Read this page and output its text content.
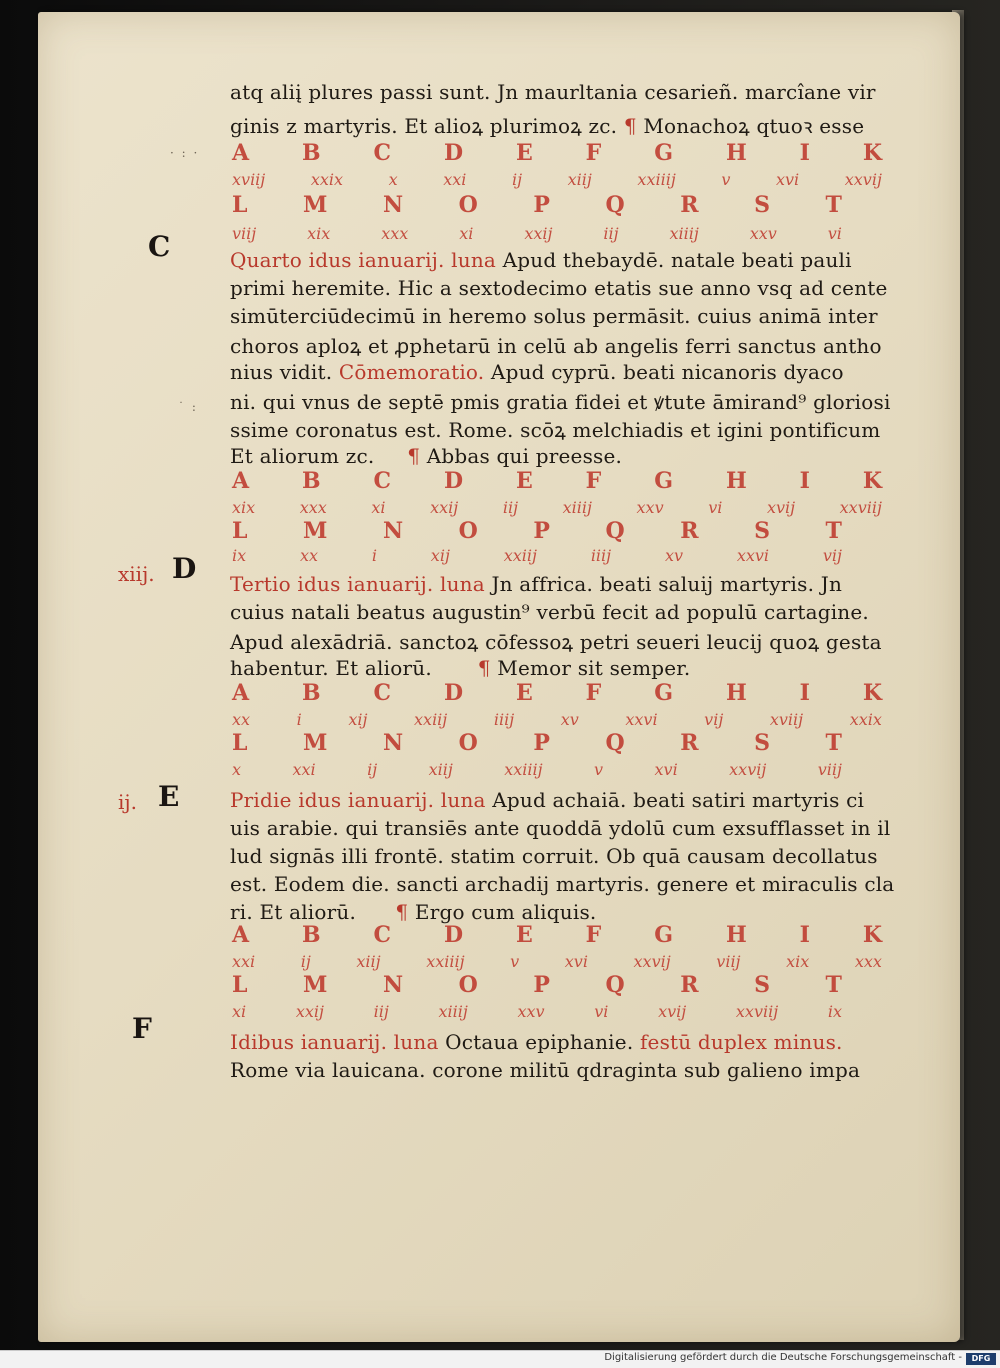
atq aliį plures passi sunt. Jn maurltania cesarieñ. marcîane vir
ginis z martyris. Et alioꝝ plurimoꝝ zc. ¶ Monachoꝝ qtuoꝛ esse
· : · A B C D E F G H I K
xviij	xxix	x	xxi	ij	xiij	xxiiij	v	xvi	xxvij
L	M	N	O	P	Q	R	S	T
viij	xix	xxx	xi	xxij	iij	xiiij	xxv	vi
C	Quarto idus ianuarij. luna Apud thebaydē. natale beati pauli
primi heremite. Hic a sextodecimo etatis sue anno vsq ad cente
simūterciūdecimū in heremo solus permāsit. cuius animā inter
choros aploꝝ et ꝓphetarū in celū ab angelis ferri sanctus antho
nius vidit. Cōmemoratio. Apud cyprū. beati nicanoris dyaco
ni. qui vnus de septē pmis gratia fidei et ꝟtute āmirand⁹ gloriosi
˙ :
ssime coronatus est. Rome. scōꝝ melchiadis et igini pontificum
Et aliorum zc. ¶ Abbas qui preesse.
A B C D E F G H I K
xix	xxx	xi	xxij	iij	xiiij	xxv	vi	xvij	xxviij
L	M	N	O	P	Q	R	S	T
ix	xx	i	xij	xxiij	iiij	xv	xxvi	vij
xiij. D Tertio idus ianuarij. luna Jn affrica. beati saluij martyris. Jn
cuius natali beatus augustin⁹ verbū fecit ad populū cartagine.
Apud alexādriā. sanctoꝝ cōfessoꝝ petri seueri leucij quoꝝ gesta
habentur. Et aliorū. ¶ Memor sit semper.
A B C D E F G H I K
xx	i	xij	xxiij	iiij	xv	xxvi	vij	xviij	xxix
L	M	N	O	P	Q	R	S	T
x	xxi	ij	xiij	xxiiij	v	xvi	xxvij	viij
ij. E	Pridie idus ianuarij. luna Apud achaiā. beati satiri martyris ci
uis arabie. qui transiēs ante quoddā ydolū cum exsufflasset in il
lud signās illi frontē. statim corruit. Ob quā causam decollatus
est. Eodem die. sancti archadij martyris. genere et miraculis cla
ri. Et aliorū. ¶ Ergo cum aliquis.
A B C D E F G H I K
xxi	ij	xiij	xxiiij	v	xvi	xxvij	viij	xix	xxx
L	M	N	O	P	Q	R	S	T
xi	xxij	iij	xiiij	xxv	vi	xvij	xxviij	ix
F	Idibus ianuarij. luna Octaua epiphanie. festū duplex minus.
Rome via lauicana. corone militū qdraginta sub galieno impa
Digitalisierung gefördert durch die Deutsche Forschungsgemeinschaft -	DFG
